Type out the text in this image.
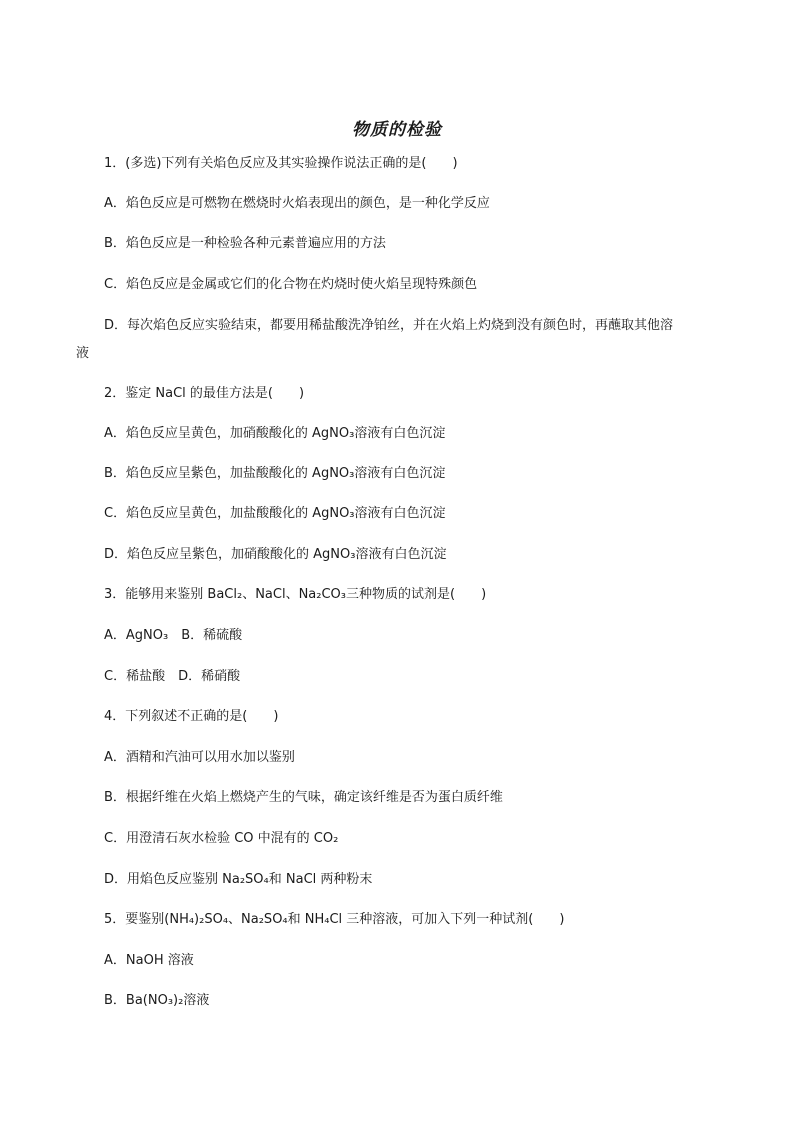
物质的检验
1．(多选)下列有关焰色反应及其实验操作说法正确的是(　　)
A．焰色反应是可燃物在燃烧时火焰表现出的颜色，是一种化学反应
B．焰色反应是一种检验各种元素普遍应用的方法
C．焰色反应是金属或它们的化合物在灼烧时使火焰呈现特殊颜色
D．每次焰色反应实验结束，都要用稀盐酸洗净铂丝，并在火焰上灼烧到没有颜色时，再蘸取其他溶
液
2．鉴定 NaCl 的最佳方法是(　　)
A．焰色反应呈黄色，加硝酸酸化的 AgNO₃溶液有白色沉淀
B．焰色反应呈紫色，加盐酸酸化的 AgNO₃溶液有白色沉淀
C．焰色反应呈黄色，加盐酸酸化的 AgNO₃溶液有白色沉淀
D．焰色反应呈紫色，加硝酸酸化的 AgNO₃溶液有白色沉淀
3．能够用来鉴别 BaCl₂、NaCl、Na₂CO₃三种物质的试剂是(　　)
A．AgNO₃　B．稀硫酸
C．稀盐酸　D．稀硝酸
4．下列叙述不正确的是(　　)
A．酒精和汽油可以用水加以鉴别
B．根据纤维在火焰上燃烧产生的气味，确定该纤维是否为蛋白质纤维
C．用澄清石灰水检验 CO 中混有的 CO₂
D．用焰色反应鉴别 Na₂SO₄和 NaCl 两种粉末
5．要鉴别(NH₄)₂SO₄、Na₂SO₄和 NH₄Cl 三种溶液，可加入下列一种试剂(　　)
A．NaOH 溶液
B．Ba(NO₃)₂溶液
